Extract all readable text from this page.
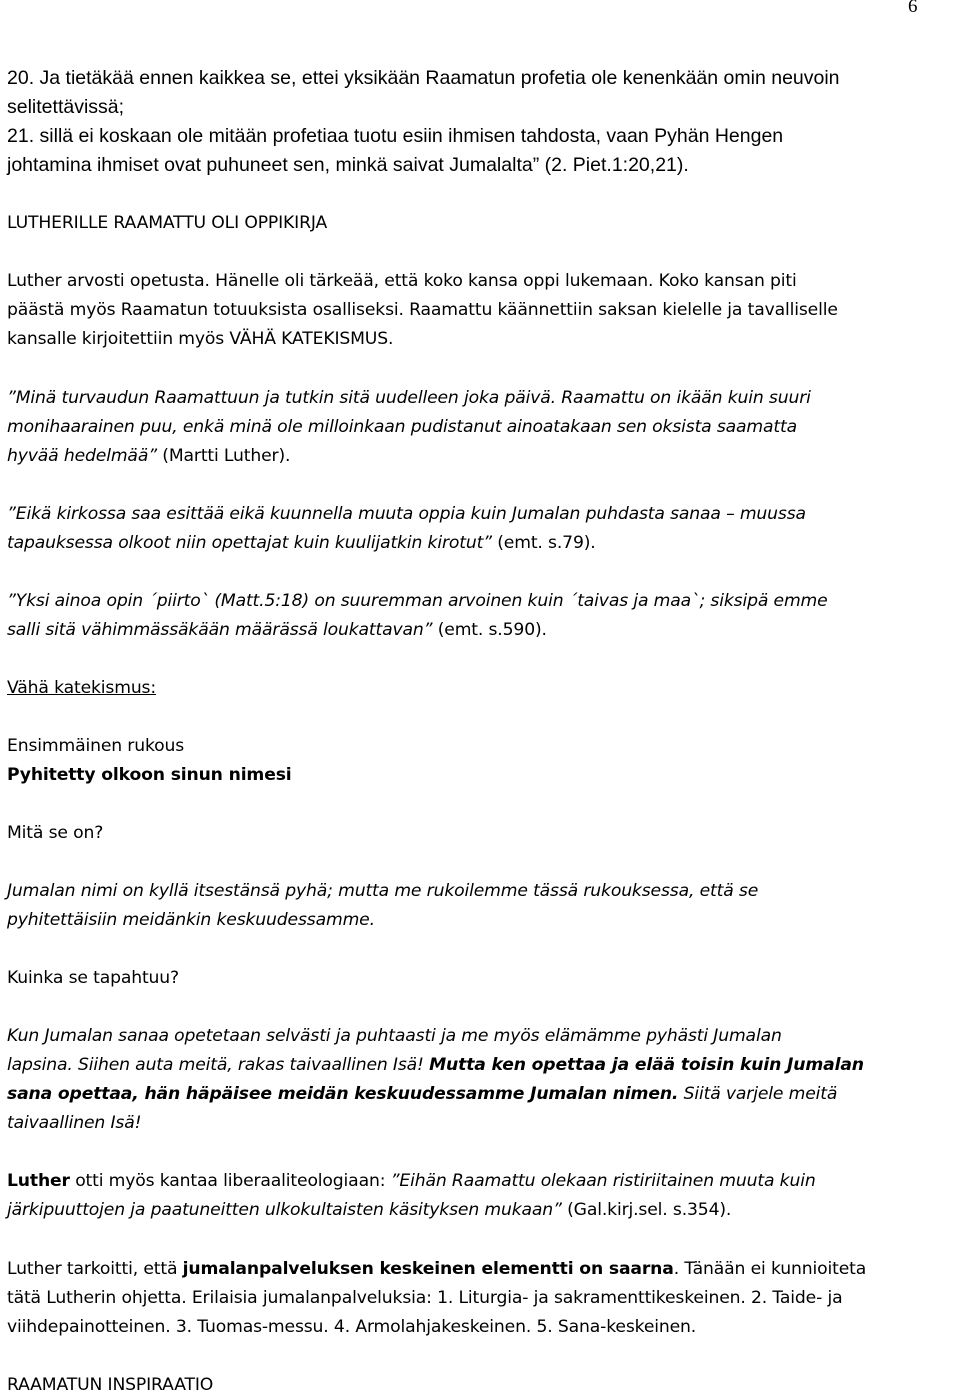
6
20. Ja tietäkää ennen kaikkea se, ettei yksikään Raamatun profetia ole kenenkään omin neuvoin
selitettävissä;
21. sillä ei koskaan ole mitään profetiaa tuotu esiin ihmisen tahdosta, vaan Pyhän Hengen
johtamina ihmiset ovat puhuneet sen, minkä saivat Jumalalta” (2. Piet.1:20,21).
LUTHERILLE RAAMATTU OLI OPPIKIRJA
Luther arvosti opetusta. Hänelle oli tärkeää, että koko kansa oppi lukemaan. Koko kansan piti
päästä myös Raamatun totuuksista osalliseksi. Raamattu käännettiin saksan kielelle ja tavalliselle
kansalle kirjoitettiin myös VÄHÄ KATEKISMUS.
”Minä turvaudun Raamattuun ja tutkin sitä uudelleen joka päivä. Raamattu on ikään kuin suuri
monihaarainen puu, enkä minä ole milloinkaan pudistanut ainoatakaan sen oksista saamatta
hyvää hedelmää” (Martti Luther).
”Eikä kirkossa saa esittää eikä kuunnella muuta oppia kuin Jumalan puhdasta sanaa – muussa
tapauksessa olkoot niin opettajat kuin kuulijatkin kirotut” (emt. s.79).
”Yksi ainoa opin ´piirto` (Matt.5:18) on suuremman arvoinen kuin ´taivas ja maa`; siksipä emme
salli sitä vähimmässäkään määrässä loukattavan” (emt. s.590).
Vähä katekismus:
Ensimmäinen rukous
Pyhitetty olkoon sinun nimesi
Mitä se on?
Jumalan nimi on kyllä itsestänsä pyhä; mutta me rukoilemme tässä rukouksessa, että se
pyhitettäisiin meidänkin keskuudessamme.
Kuinka se tapahtuu?
Kun Jumalan sanaa opetetaan selvästi ja puhtaasti ja me myös elämämme pyhästi Jumalan
lapsina. Siihen auta meitä, rakas taivaallinen Isä! Mutta ken opettaa ja elää toisin kuin Jumalan
sana opettaa, hän häpäisee meidän keskuudessamme Jumalan nimen. Siitä varjele meitä
taivaallinen Isä!
Luther otti myös kantaa liberaaliteologiaan: ”Eihän Raamattu olekaan ristiriitainen muuta kuin
järkipuuttojen ja paatuneitten ulkokultaisten käsityksen mukaan” (Gal.kirj.sel. s.354).
Luther tarkoitti, että jumalanpalveluksen keskeinen elementti on saarna. Tänään ei kunnioiteta
tätä Lutherin ohjetta. Erilaisia jumalanpalveluksia: 1. Liturgia- ja sakramenttikeskeinen. 2. Taide- ja
viihdepainotteinen. 3. Tuomas-messu. 4. Armolahjakeskeinen. 5. Sana-keskeinen.
RAAMATUN INSPIRAATIO
